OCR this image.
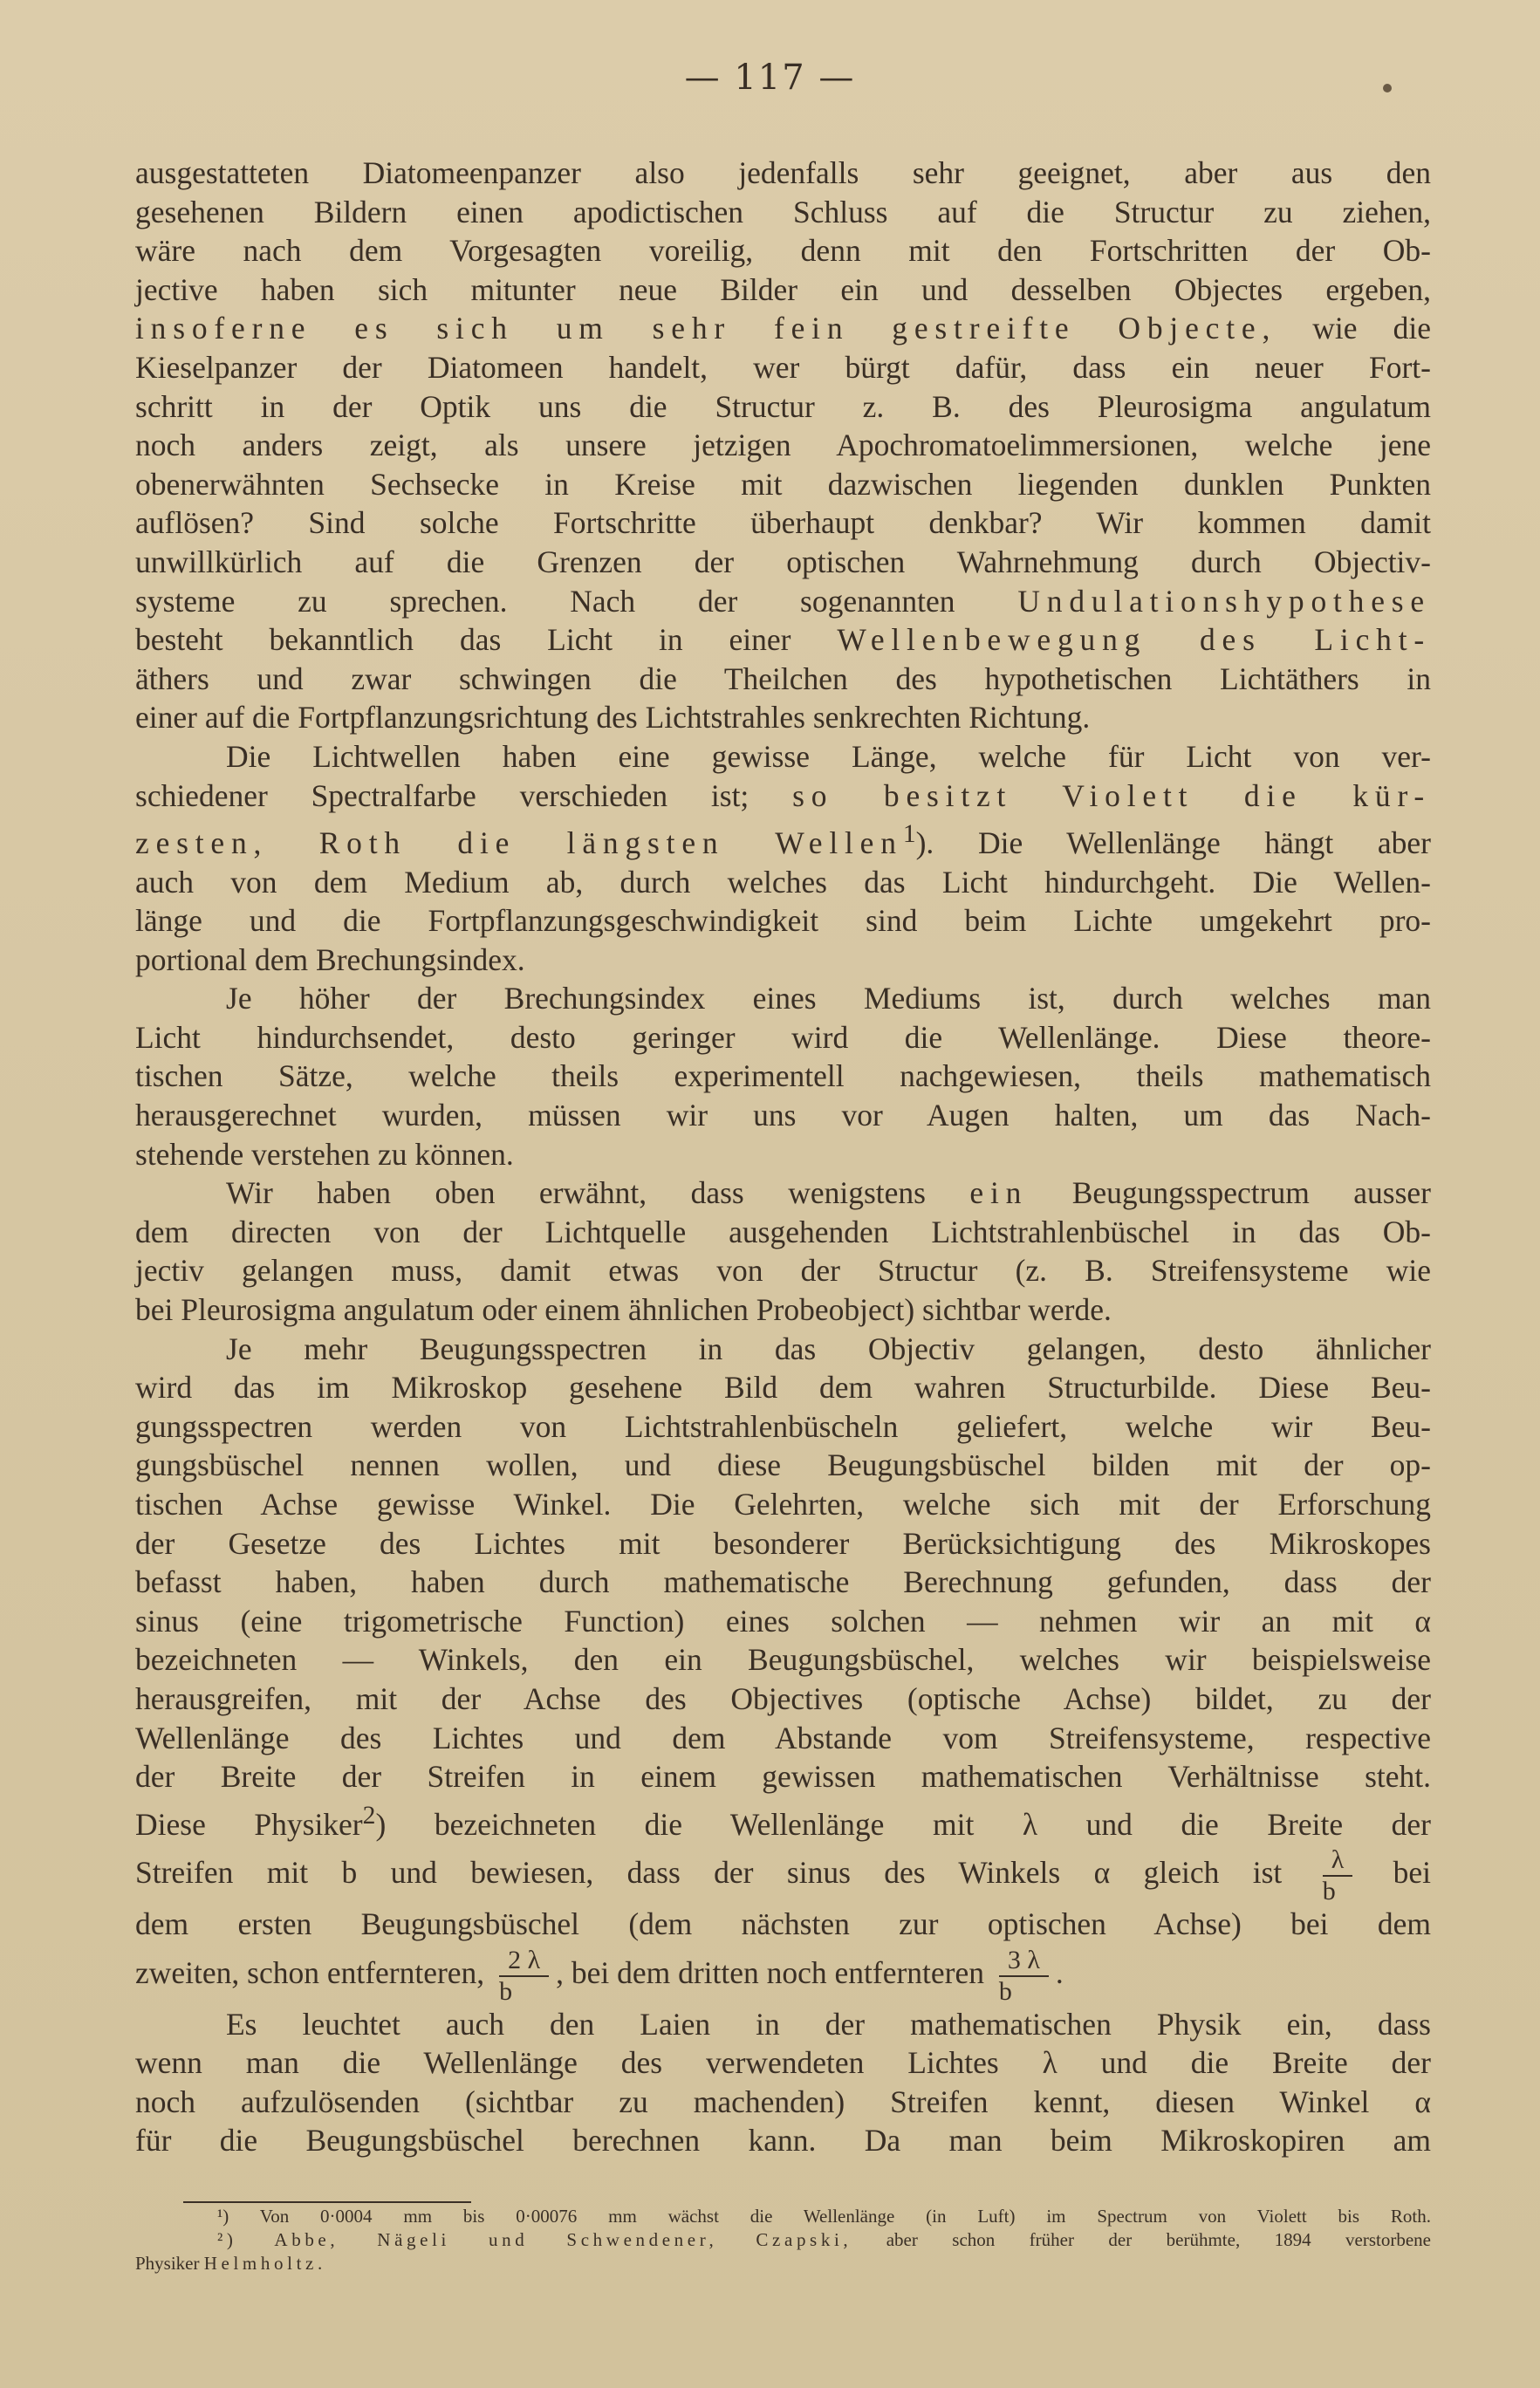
— 117 —
ausgestatteten Diatomeenpanzer also jedenfalls sehr geeignet, aber aus den
gesehenen Bildern einen apodictischen Schluss auf die Structur zu ziehen,
wäre nach dem Vorgesagten voreilig, denn mit den Fortschritten der Ob-
jective haben sich mitunter neue Bilder ein und desselben Objectes ergeben,
insoferne es sich um sehr fein gestreifte Objecte, wie die
Kieselpanzer der Diatomeen handelt, wer bürgt dafür, dass ein neuer Fort-
schritt in der Optik uns die Structur z. B. des Pleurosigma angulatum
noch anders zeigt, als unsere jetzigen Apochromatoelimmersionen, welche jene
obenerwähnten Sechsecke in Kreise mit dazwischen liegenden dunklen Punkten
auflösen? Sind solche Fortschritte überhaupt denkbar? Wir kommen damit
unwillkürlich auf die Grenzen der optischen Wahrnehmung durch Objectiv-
systeme zu sprechen. Nach der sogenannten Undulationshypothese
besteht bekanntlich das Licht in einer Wellenbewegung des Licht-
äthers und zwar schwingen die Theilchen des hypothetischen Lichtäthers in
einer auf die Fortpflanzungsrichtung des Lichtstrahles senkrechten Richtung.
Die Lichtwellen haben eine gewisse Länge, welche für Licht von ver-
schiedener Spectralfarbe verschieden ist; so besitzt Violett die kür-
zesten, Roth die längsten Wellen$^1$). Die Wellenlänge hängt aber
auch von dem Medium ab, durch welches das Licht hindurchgeht. Die Wellen-
länge und die Fortpflanzungsgeschwindigkeit sind beim Lichte umgekehrt pro-
portional dem Brechungsindex.
Je höher der Brechungsindex eines Mediums ist, durch welches man
Licht hindurchsendet, desto geringer wird die Wellenlänge. Diese theore-
tischen Sätze, welche theils experimentell nachgewiesen, theils mathematisch
herausgerechnet wurden, müssen wir uns vor Augen halten, um das Nach-
stehende verstehen zu können.
Wir haben oben erwähnt, dass wenigstens ein Beugungsspectrum ausser
dem directen von der Lichtquelle ausgehenden Lichtstrahlenbüschel in das Ob-
jectiv gelangen muss, damit etwas von der Structur (z. B. Streifensysteme wie
bei Pleurosigma angulatum oder einem ähnlichen Probeobject) sichtbar werde.
Je mehr Beugungsspectren in das Objectiv gelangen, desto ähnlicher
wird das im Mikroskop gesehene Bild dem wahren Structurbilde. Diese Beu-
gungsspectren werden von Lichtstrahlenbüscheln geliefert, welche wir Beu-
gungsbüschel nennen wollen, und diese Beugungsbüschel bilden mit der op-
tischen Achse gewisse Winkel. Die Gelehrten, welche sich mit der Erforschung
der Gesetze des Lichtes mit besonderer Berücksichtigung des Mikroskopes
befasst haben, haben durch mathematische Berechnung gefunden, dass der
sinus (eine trigometrische Function) eines solchen — nehmen wir an mit α
bezeichneten — Winkels, den ein Beugungsbüschel, welches wir beispielsweise
herausgreifen, mit der Achse des Objectives (optische Achse) bildet, zu der
Wellenlänge des Lichtes und dem Abstande vom Streifensysteme, respective
der Breite der Streifen in einem gewissen mathematischen Verhältnisse steht.
Diese Physiker$^2$) bezeichneten die Wellenlänge mit λ und die Breite der
Streifen mit b und bewiesen, dass der sinus des Winkels α gleich ist $\frac{\lambda}{b}$ bei
dem ersten Beugungsbüschel (dem nächsten zur optischen Achse) bei dem
zweiten, schon entfernteren, $\frac{2 \lambda}{b}$ , bei dem dritten noch entfernteren $\frac{3 \lambda}{b}$ .
Es leuchtet auch den Laien in der mathematischen Physik ein, dass
wenn man die Wellenlänge des verwendeten Lichtes λ und die Breite der
noch aufzulösenden (sichtbar zu machenden) Streifen kennt, diesen Winkel α
für die Beugungsbüschel berechnen kann. Da man beim Mikroskopiren am
¹) Von 0·0004 mm bis 0·00076 mm wächst die Wellenlänge (in Luft) im Spectrum von Violett bis Roth.
²) Abbe, Nägeli und Schwendener, Czapski, aber schon früher der berühmte, 1894 verstorbene
Physiker Helmholtz.
